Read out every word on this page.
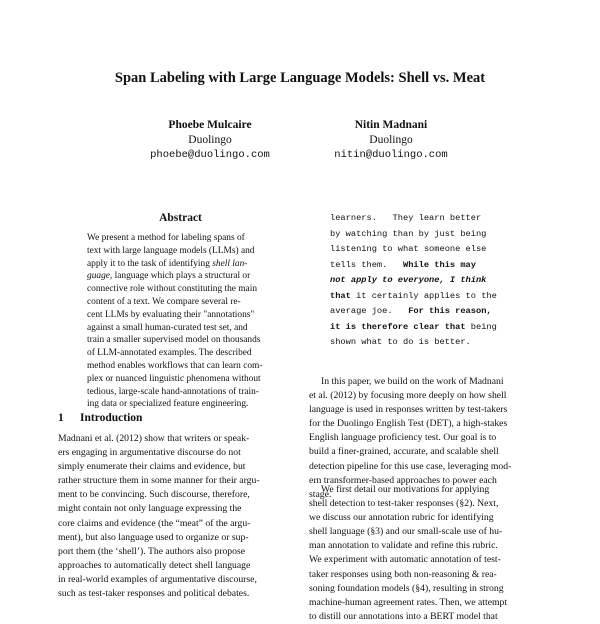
Span Labeling with Large Language Models: Shell vs. Meat
Phoebe Mulcaire
Duolingo
phoebe@duolingo.com
Nitin Madnani
Duolingo
nitin@duolingo.com
Abstract
We present a method for labeling spans of
text with large language models (LLMs) and
apply it to the task of identifying shell lan-
guage, language which plays a structural or
connective role without constituting the main
content of a text. We compare several re-
cent LLMs by evaluating their "annotations"
against a small human-curated test set, and
train a smaller supervised model on thousands
of LLM-annotated examples. The described
method enables workflows that can learn com-
plex or nuanced linguistic phenomena without
tedious, large-scale hand-annotations of train-
ing data or specialized feature engineering.
1 Introduction
Madnani et al. (2012) show that writers or speak-
ers engaging in argumentative discourse do not
simply enumerate their claims and evidence, but
rather structure them in some manner for their argu-
ment to be convincing. Such discourse, therefore,
might contain not only language expressing the
core claims and evidence (the “meat” of the argu-
ment), but also language used to organize or sup-
port them (the ‘shell’). The authors also propose
approaches to automatically detect shell language
in real-world examples of argumentative discourse,
such as test-taker responses and political debates.
learners.   They learn better
by watching than by just being
listening to what someone else
tells them.   While this may
not apply to everyone, I think
that it certainly applies to the
average joe.   For this reason,
it is therefore clear that being
shown what to do is better.
In this paper, we build on the work of Madnani
et al. (2012) by focusing more deeply on how shell
language is used in responses written by test-takers
for the Duolingo English Test (DET), a high-stakes
English language proficiency test. Our goal is to
build a finer-grained, accurate, and scalable shell
detection pipeline for this use case, leveraging mod-
ern transformer-based approaches to power each
stage.
We first detail our motivations for applying
shell detection to test-taker responses (§2). Next,
we discuss our annotation rubric for identifying
shell language (§3) and our small-scale use of hu-
man annotation to validate and refine this rubric.
We experiment with automatic annotation of test-
taker responses using both non-reasoning & rea-
soning foundation models (§4), resulting in strong
machine-human agreement rates. Then, we attempt
to distill our annotations into a BERT model that
